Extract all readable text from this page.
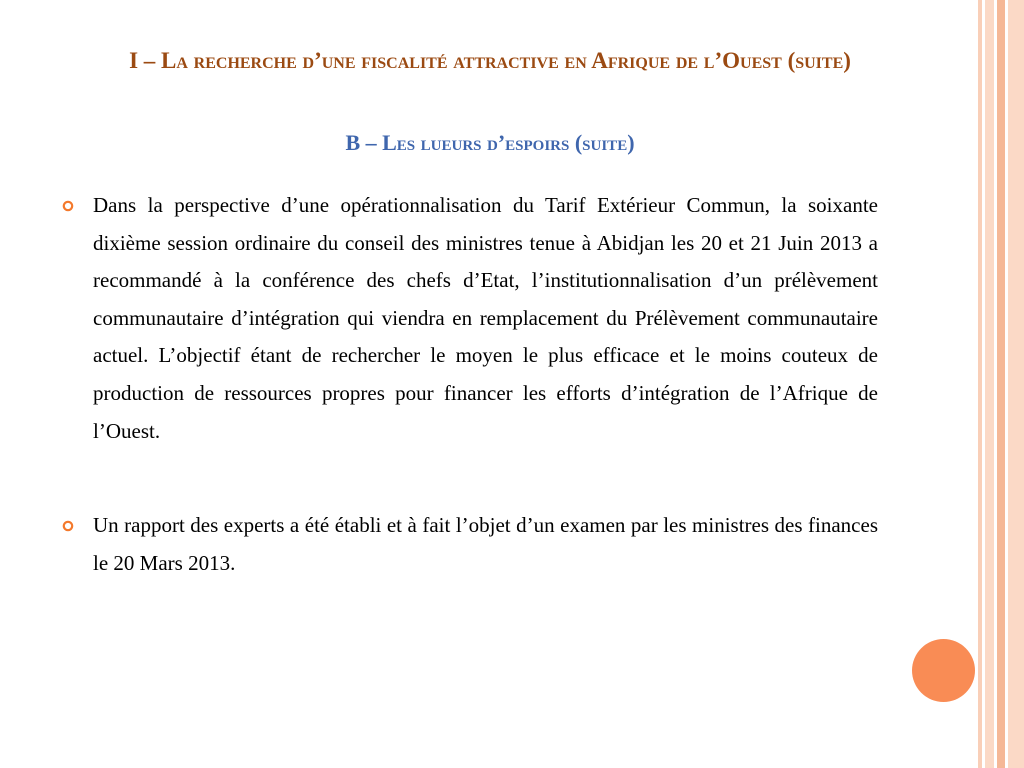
I – La recherche d’une fiscalité attractive en Afrique de l’Ouest (suite)
B – Les lueurs d’espoirs (suite)
Dans la perspective d’une opérationnalisation du Tarif Extérieur Commun, la soixante dixième session ordinaire du conseil des ministres tenue à Abidjan les 20 et 21 Juin 2013 a recommandé à la conférence des chefs d’Etat, l’institutionnalisation d’un prélèvement communautaire d’intégration qui viendra en remplacement du Prélèvement communautaire actuel. L’objectif étant de rechercher le moyen le plus efficace et le moins couteux de production de ressources propres pour financer les efforts d’intégration de l’Afrique de l’Ouest.
Un rapport des experts a été établi et à fait l’objet d’un examen par les ministres des finances le 20 Mars 2013.
